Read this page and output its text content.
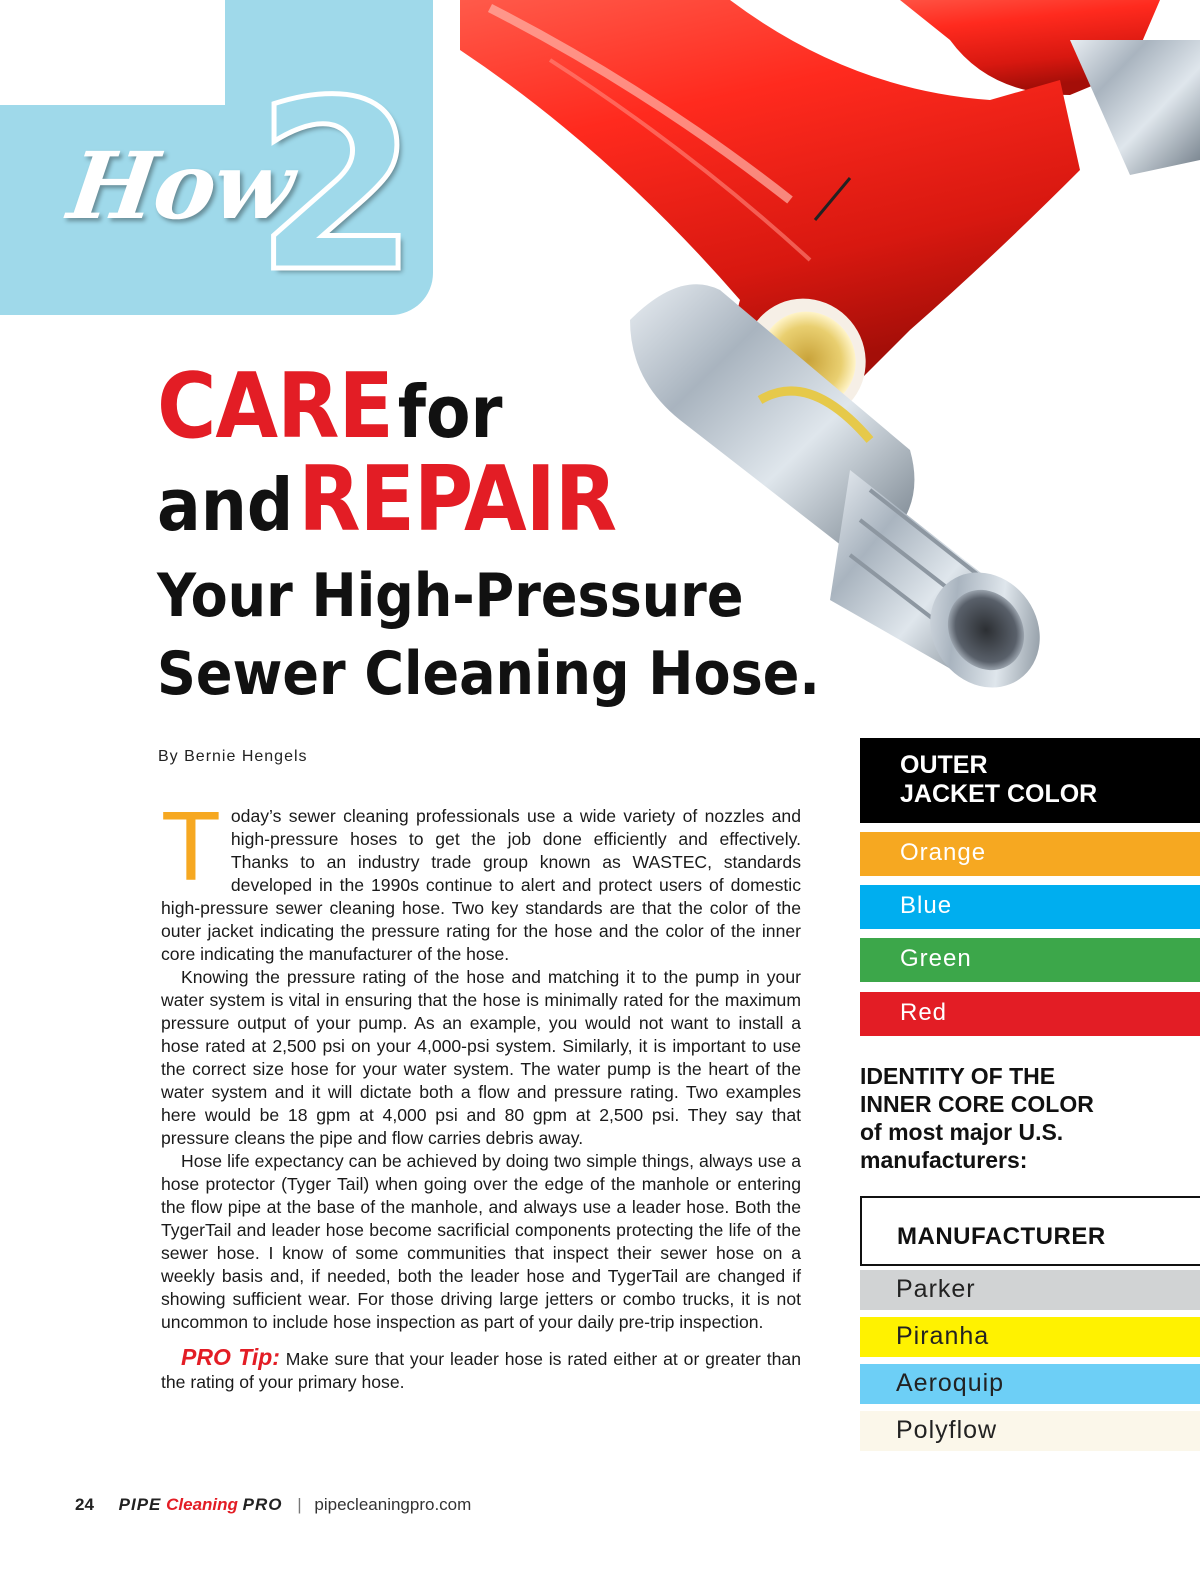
2
How
CARE for
and REPAIR
Your High-Pressure
Sewer Cleaning Hose.
By Bernie Hengels

Today’s sewer cleaning professionals use a wide variety of nozzles and high-pressure hoses to get the job done efficiently and effectively. Thanks to an industry trade group known as WASTEC, standards developed in the 1990s continue to alert and protect users of domestic high-pressure sewer cleaning hose. Two key standards are that the color of the outer jacket indicating the pressure rating for the hose and the color of the inner core indicating the manufacturer of the hose.

Knowing the pressure rating of the hose and matching it to the pump in your water system is vital in ensuring that the hose is minimally rated for the maximum pressure output of your pump. As an example, you would not want to install a hose rated at 2,500 psi on your 4,000-psi system. Similarly, it is important to use the correct size hose for your water system. The water pump is the heart of the water system and it will dictate both a flow and pressure rating. Two examples here would be 18 gpm at 4,000 psi and 80 gpm at 2,500 psi. They say that pressure cleans the pipe and flow carries debris away.

Hose life expectancy can be achieved by doing two simple things, always use a hose protector (Tyger Tail) when going over the edge of the manhole or entering the flow pipe at the base of the manhole, and always use a leader hose. Both the TygerTail and leader hose become sacrificial components protecting the life of the sewer hose. I know of some communities that inspect their sewer hose on a weekly basis and, if needed, both the leader hose and TygerTail are changed if showing sufficient wear. For those driving large jetters or combo trucks, it is not uncommon to include hose inspection as part of your daily pre-trip inspection.

PRO Tip: Make sure that your leader hose is rated either at or greater than the rating of your primary hose.

OUTER
JACKET COLOR
Orange
Blue
Green
Red
IDENTITY OF THE
INNER CORE COLOR
of most major U.S.
manufacturers:
MANUFACTURER
Parker
Piranha
Aeroquip
Polyflow
24 PIPE Cleaning PRO | pipecleaningpro.com
